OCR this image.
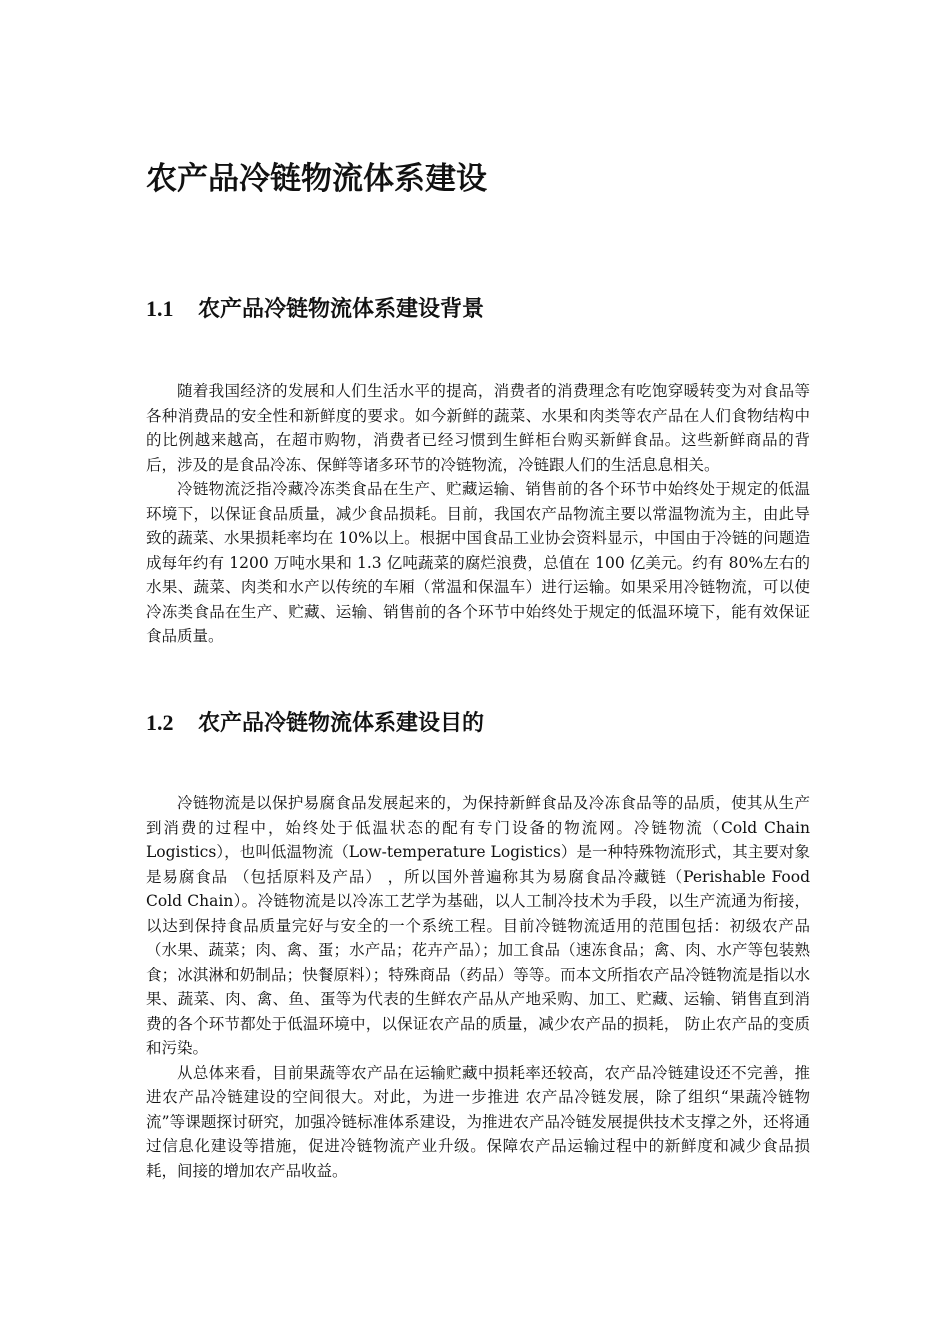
农产品冷链物流体系建设
1.1 农产品冷链物流体系建设背景

随着我国经济的发展和人们生活水平的提高，消费者的消费理念有吃饱穿暖转变为对食品等各种消费品的安全性和新鲜度的要求。如今新鲜的蔬菜、水果和肉类等农产品在人们食物结构中的比例越来越高，在超市购物，消费者已经习惯到生鲜柜台购买新鲜食品。这些新鲜商品的背后，涉及的是食品冷冻、保鲜等诸多环节的冷链物流，冷链跟人们的生活息息相关。

冷链物流泛指冷藏冷冻类食品在生产、贮藏运输、销售前的各个环节中始终处于规定的低温环境下，以保证食品质量，减少食品损耗。目前，我国农产品物流主要以常温物流为主，由此导致的蔬菜、水果损耗率均在 10%以上。根据中国食品工业协会资料显示，中国由于冷链的问题造成每年约有 1200 万吨水果和 1.3 亿吨蔬菜的腐烂浪费，总值在 100 亿美元。约有 80%左右的水果、蔬菜、肉类和水产以传统的车厢（常温和保温车）进行运输。如果采用冷链物流，可以使冷冻类食品在生产、贮藏、运输、销售前的各个环节中始终处于规定的低温环境下，能有效保证食品质量。

1.2 农产品冷链物流体系建设目的

冷链物流是以保护易腐食品发展起来的，为保持新鲜食品及冷冻食品等的品质，使其从生产到消费的过程中，始终处于低温状态的配有专门设备的物流网。冷链物流（Cold Chain Logistics），也叫低温物流（Low-temperature Logistics）是一种特殊物流形式，其主要对象是易腐食品 （包括原料及产品） ，所以国外普遍称其为易腐食品冷藏链（Perishable Food Cold Chain）。冷链物流是以冷冻工艺学为基础，以人工制冷技术为手段，以生产流通为衔接，以达到保持食品质量完好与安全的一个系统工程。目前冷链物流适用的范围包括：初级农产品（水果、蔬菜；肉、禽、蛋；水产品；花卉产品）；加工食品（速冻食品；禽、肉、水产等包装熟食；冰淇淋和奶制品；快餐原料）；特殊商品（药品）等等。而本文所指农产品冷链物流是指以水果、蔬菜、肉、禽、鱼、蛋等为代表的生鲜农产品从产地采购、加工、贮藏、运输、销售直到消费的各个环节都处于低温环境中，以保证农产品的质量，减少农产品的损耗， 防止农产品的变质和污染。

从总体来看，目前果蔬等农产品在运输贮藏中损耗率还较高，农产品冷链建设还不完善，推进农产品冷链建设的空间很大。对此，为进一步推进 农产品冷链发展，除了组织“果蔬冷链物流”等课题探讨研究，加强冷链标准体系建设，为推进农产品冷链发展提供技术支撑之外，还将通过信息化建设等措施，促进冷链物流产业升级。保障农产品运输过程中的新鲜度和减少食品损耗，间接的增加农产品收益。
